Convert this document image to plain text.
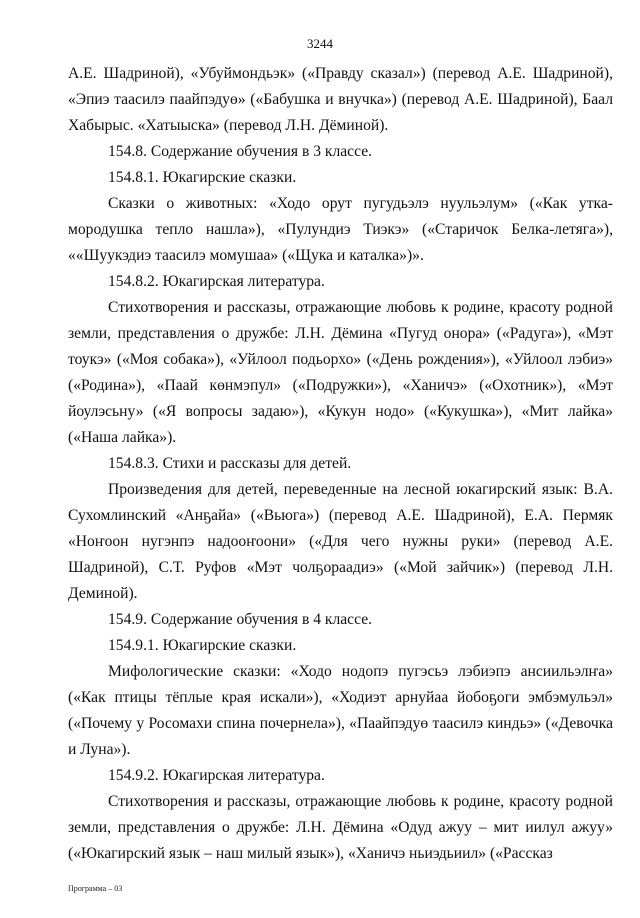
3244

А.Е. Шадриной), «Убуймондьэк» («Правду сказал») (перевод А.Е. Шадриной), «Эпиэ таасилэ паайпэдуө» («Бабушка и внучка») (перевод А.Е. Шадриной), Баал Хабырыс. «Хатыыска» (перевод Л.Н. Дёминой).

154.8. Содержание обучения в 3 классе.

154.8.1. Юкагирские сказки.

Сказки о животных: «Ходо орут пугудьэлэ нуульэлум» («Как утка-мородушка тепло нашла»), «Пулундиэ Тиэкэ» («Старичок Белка-летяга»), ««Шуукэдиэ таасилэ момушаа» («Щука и каталка»)».

154.8.2. Юкагирская литература.

Стихотворения и рассказы, отражающие любовь к родине, красоту родной земли, представления о дружбе: Л.Н. Дёмина «Пугуд онора» («Радуга»), «Мэт тоукэ» («Моя собака»), «Уйлоол подьорхо» («День рождения»), «Уйлоол лэбиэ» («Родина»), «Паай көнмэпул» («Подружки»), «Ханичэ» («Охотник»), «Мэт йоулэсьну» («Я вопросы задаю»), «Кукун нодо» («Кукушка»), «Мит лайка» («Наша лайка»).

154.8.3. Стихи и рассказы для детей.

Произведения для детей, переведенные на лесной юкагирский язык: В.А. Сухомлинский «Анҕайа» («Вьюга») (перевод А.Е. Шадриной), Е.А. Пермяк «Ноҥоон нугэнпэ надооҥоони» («Для чего нужны руки» (перевод А.Е. Шадриной), С.Т. Руфов «Мэт чолҕораадиэ» («Мой зайчик») (перевод Л.Н. Деминой).

154.9. Содержание обучения в 4 классе.

154.9.1. Юкагирские сказки.

Мифологические сказки: «Ходо нодопэ пугэсьэ лэбиэпэ ансиильэлҥа» («Как птицы тёплые края искали»), «Ходиэт арнуйаа йобоҕоги эмбэмульэл» («Почему у Росомахи спина почернела»), «Паайпэдуө таасилэ киндьэ» («Девочка и Луна»).

154.9.2. Юкагирская литература.

Стихотворения и рассказы, отражающие любовь к родине, красоту родной земли, представления о дружбе: Л.Н. Дёмина «Одуд ажуу – мит иилул ажуу» («Юкагирский язык – наш милый язык»), «Ханичэ ньиэдьиил» («Рассказ

Программа – 03
